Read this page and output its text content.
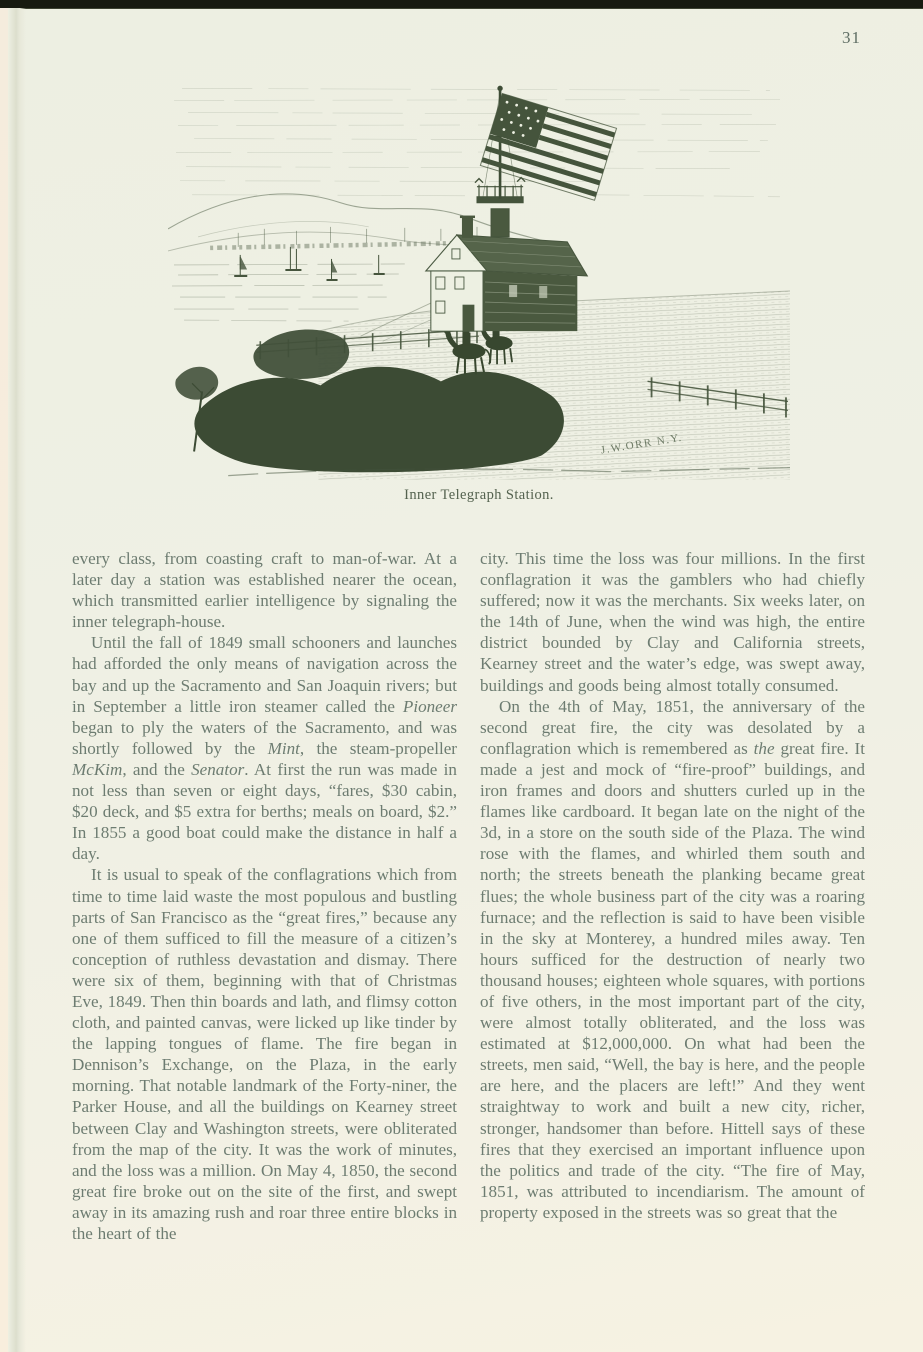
31
J.W.ORR N.Y.
Inner Telegraph Station.

every class, from coasting craft to man-of-war. At a later day a station was established nearer the ocean, which transmitted earlier intelligence by signaling the inner telegraph-house.

Until the fall of 1849 small schooners and launches had afforded the only means of navigation across the bay and up the Sacramento and San Joaquin rivers; but in September a little iron steamer called the Pioneer began to ply the waters of the Sacramento, and was shortly followed by the Mint, the steam-propeller McKim, and the Senator. At first the run was made in not less than seven or eight days, “fares, $30 cabin, $20 deck, and $5 extra for berths; meals on board, $2.” In 1855 a good boat could make the distance in half a day.

It is usual to speak of the conflagrations which from time to time laid waste the most populous and bustling parts of San Francisco as the “great fires,” because any one of them sufficed to fill the measure of a citizen’s conception of ruthless devastation and dismay. There were six of them, beginning with that of Christmas Eve, 1849. Then thin boards and lath, and flimsy cotton cloth, and painted canvas, were licked up like tinder by the lapping tongues of flame. The fire began in Dennison’s Exchange, on the Plaza, in the early morning. That notable landmark of the Forty-niner, the Parker House, and all the buildings on Kearney street between Clay and Washington streets, were obliterated from the map of the city. It was the work of minutes, and the loss was a million. On May 4, 1850, the second great fire broke out on the site of the first, and swept away in its amazing rush and roar three entire blocks in the heart of the

city. This time the loss was four millions. In the first conflagration it was the gamblers who had chiefly suffered; now it was the merchants. Six weeks later, on the 14th of June, when the wind was high, the entire district bounded by Clay and California streets, Kearney street and the water’s edge, was swept away, buildings and goods being almost totally consumed.

On the 4th of May, 1851, the anniversary of the second great fire, the city was desolated by a conflagration which is remembered as the great fire. It made a jest and mock of “fire-proof” buildings, and iron frames and doors and shutters curled up in the flames like cardboard. It began late on the night of the 3d, in a store on the south side of the Plaza. The wind rose with the flames, and whirled them south and north; the streets beneath the planking became great flues; the whole business part of the city was a roaring furnace; and the reflection is said to have been visible in the sky at Monterey, a hundred miles away. Ten hours sufficed for the destruction of nearly two thousand houses; eighteen whole squares, with portions of five others, in the most important part of the city, were almost totally obliterated, and the loss was estimated at $12,000,000. On what had been the streets, men said, “Well, the bay is here, and the people are here, and the placers are left!” And they went straightway to work and built a new city, richer, stronger, handsomer than before. Hittell says of these fires that they exercised an important influence upon the politics and trade of the city. “The fire of May, 1851, was attributed to incendiarism. The amount of property exposed in the streets was so great that the
